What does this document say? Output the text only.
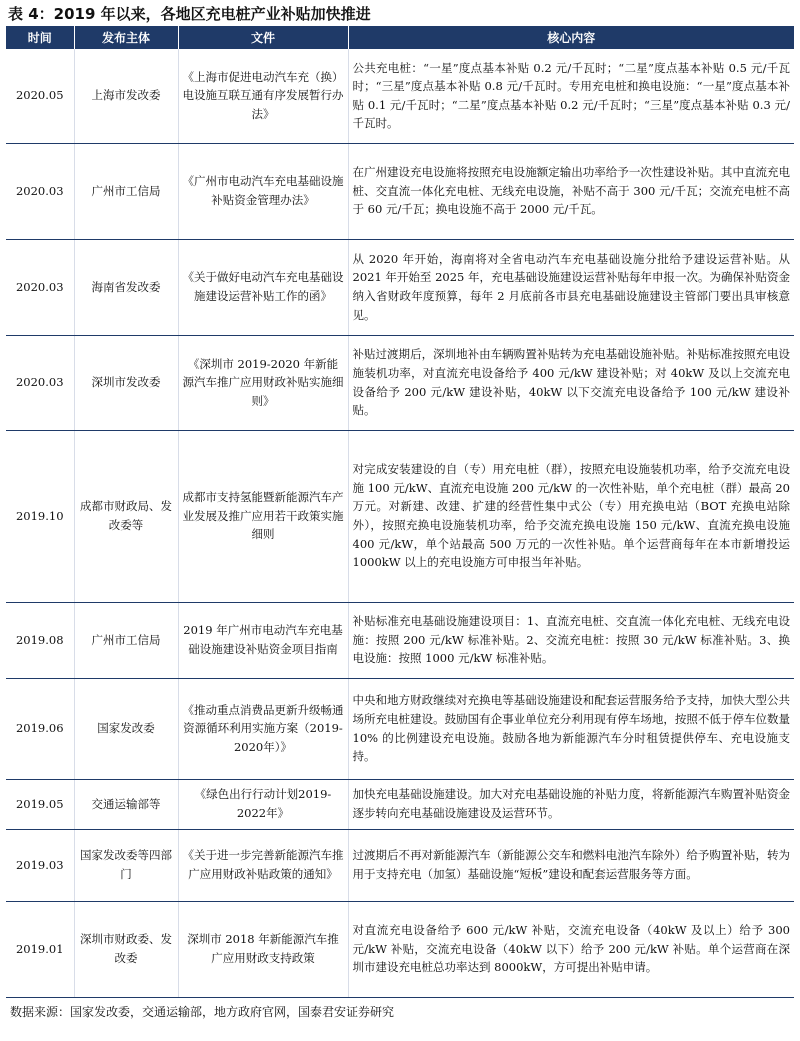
表 4：2019 年以来，各地区充电桩产业补贴加快推进
时间	发布主体	文件	核心内容
2020.05	上海市发改委	《上海市促进电动汽车充（换）电设施互联互通有序发展暂行办法》	公共充电桩：“一星”度点基本补贴 0.2 元/千瓦时；“二星”度点基本补贴 0.5 元/千瓦时；“三星”度点基本补贴 0.8 元/千瓦时。专用充电桩和换电设施：“一星”度点基本补贴 0.1 元/千瓦时；“二星”度点基本补贴 0.2 元/千瓦时；“三星”度点基本补贴 0.3 元/千瓦时。
2020.03	广州市工信局	《广州市电动汽车充电基础设施补贴资金管理办法》	在广州建设充电设施将按照充电设施额定输出功率给予一次性建设补贴。其中直流充电桩、交直流一体化充电桩、无线充电设施，补贴不高于 300 元/千瓦；交流充电桩不高于 60 元/千瓦；换电设施不高于 2000 元/千瓦。
2020.03	海南省发改委	《关于做好电动汽车充电基础设施建设运营补贴工作的函》	从 2020 年开始，海南将对全省电动汽车充电基础设施分批给予建设运营补贴。从 2021 年开始至 2025 年，充电基础设施建设运营补贴每年申报一次。为确保补贴资金纳入省财政年度预算，每年 2 月底前各市县充电基础设施建设主管部门要出具审核意见。
2020.03	深圳市发改委	《深圳市 2019-2020 年新能源汽车推广应用财政补贴实施细则》	补贴过渡期后，深圳地补由车辆购置补贴转为充电基础设施补贴。补贴标准按照充电设施装机功率，对直流充电设备给予 400 元/kW 建设补贴；对 40kW 及以上交流充电设备给予 200 元/kW 建设补贴，40kW 以下交流充电设备给予 100 元/kW 建设补贴。
2019.10	成都市财政局、发改委等	成都市支持氢能暨新能源汽车产业发展及推广应用若干政策实施细则	对完成安装建设的自（专）用充电桩（群），按照充电设施装机功率，给予交流充电设施 100 元/kW、直流充电设施 200 元/kW 的一次性补贴，单个充电桩（群）最高 20 万元。对新建、改建、扩建的经营性集中式公（专）用充换电站（BOT 充换电站除外），按照充换电设施装机功率，给予交流充换电设施 150 元/kW、直流充换电设施 400 元/kW，单个站最高 500 万元的一次性补贴。单个运营商每年在本市新增投运 1000kW 以上的充电设施方可申报当年补贴。
2019.08	广州市工信局	2019 年广州市电动汽车充电基础设施建设补贴资金项目指南	补贴标准充电基础设施建设项目：1、直流充电桩、交直流一体化充电桩、无线充电设施：按照 200 元/kW 标准补贴。2、交流充电桩：按照 30 元/kW 标准补贴。3、换电设施：按照 1000 元/kW 标准补贴。
2019.06	国家发改委	《推动重点消费品更新升级畅通资源循环利用实施方案（2019-2020年）》	中央和地方财政继续对充换电等基础设施建设和配套运营服务给予支持，加快大型公共场所充电桩建设。鼓励国有企事业单位充分利用现有停车场地，按照不低于停车位数量 10% 的比例建设充电设施。鼓励各地为新能源汽车分时租赁提供停车、充电设施支持。
2019.05	交通运输部等	《绿色出行行动计划2019-2022年》	加快充电基础设施建设。加大对充电基础设施的补贴力度，将新能源汽车购置补贴资金逐步转向充电基础设施建设及运营环节。
2019.03	国家发改委等四部门	《关于进一步完善新能源汽车推广应用财政补贴政策的通知》	过渡期后不再对新能源汽车（新能源公交车和燃料电池汽车除外）给予购置补贴，转为用于支持充电（加氢）基础设施“短板”建设和配套运营服务等方面。
2019.01	深圳市财政委、发改委	深圳市 2018 年新能源汽车推广应用财政支持政策	对直流充电设备给予 600 元/kW 补贴，交流充电设备（40kW 及以上）给予 300 元/kW 补贴，交流充电设备（40kW 以下）给予 200 元/kW 补贴。单个运营商在深圳市建设充电桩总功率达到 8000kW，方可提出补贴申请。
数据来源：国家发改委，交通运输部，地方政府官网，国泰君安证券研究
